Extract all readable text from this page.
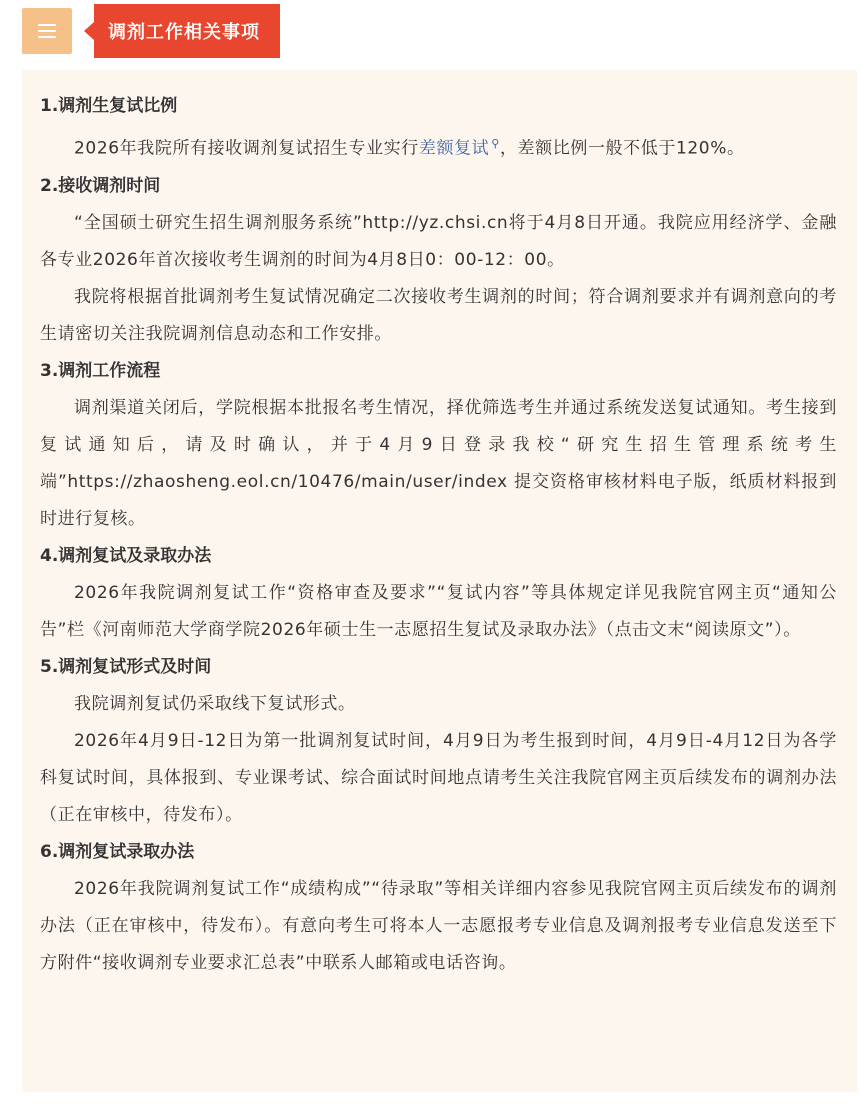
调剂工作相关事项

1.调剂生复试比例

2026年我院所有接收调剂复试招生专业实行差额复试 ⚲，差额比例一般不低于120%。

2.接收调剂时间

“全国硕士研究生招生调剂服务系统”http://yz.chsi.cn将于4月8日开通。我院应用经济学、金融各专业2026年首次接收考生调剂的时间为4月8日0：00-12：00。

我院将根据首批调剂考生复试情况确定二次接收考生调剂的时间；符合调剂要求并有调剂意向的考生请密切关注我院调剂信息动态和工作安排。

3.调剂工作流程

调剂渠道关闭后，学院根据本批报名考生情况，择优筛选考生并通过系统发送复试通知。考生接到复试通知后，请及时确认，并于4月9日登录我校“研究生招生管理系统考生端”https://zhaosheng.eol.cn/10476/main/user/index 提交资格审核材料电子版，纸质材料报到时进行复核。

4.调剂复试及录取办法

2026年我院调剂复试工作“资格审查及要求”“复试内容”等具体规定详见我院官网主页“通知公告”栏《河南师范大学商学院2026年硕士生一志愿招生复试及录取办法》（点击文末“阅读原文”）。

5.调剂复试形式及时间

我院调剂复试仍采取线下复试形式。

2026年4月9日-12日为第一批调剂复试时间，4月9日为考生报到时间，4月9日-4月12日为各学科复试时间，具体报到、专业课考试、综合面试时间地点请考生关注我院官网主页后续发布的调剂办法（正在审核中，待发布）。

6.调剂复试录取办法

2026年我院调剂复试工作“成绩构成”“待录取”等相关详细内容参见我院官网主页后续发布的调剂办法（正在审核中，待发布）。有意向考生可将本人一志愿报考专业信息及调剂报考专业信息发送至下方附件“接收调剂专业要求汇总表”中联系人邮箱或电话咨询。
